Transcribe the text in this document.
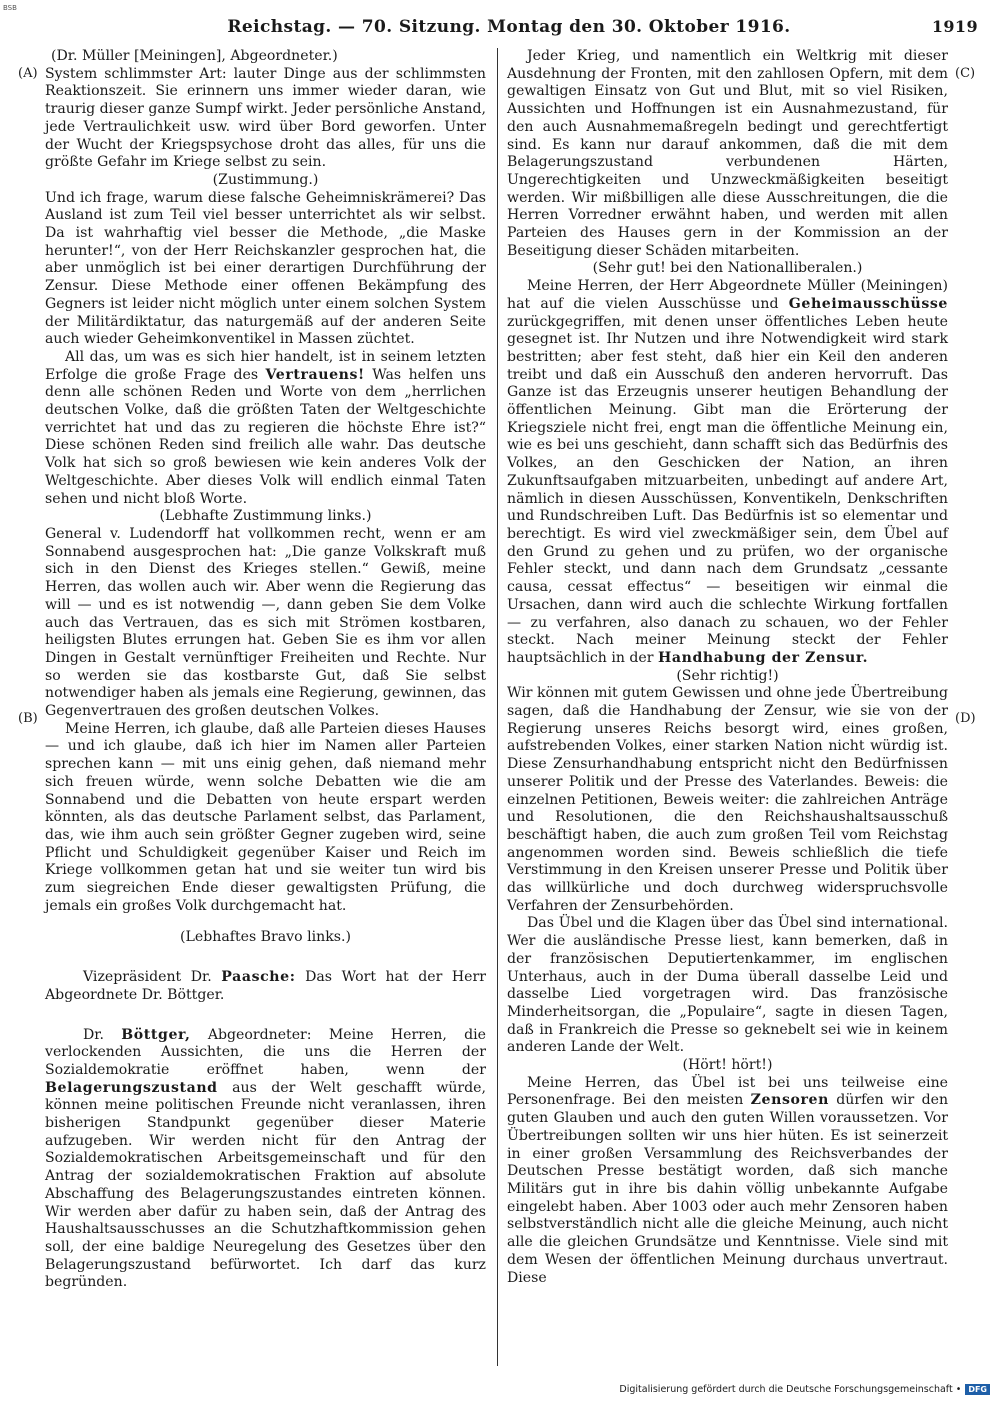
BSB
Reichstag. — 70. Sitzung. Montag den 30. Oktober 1916.	1919
(A)
(B)
(C)
(D)

(Dr. Müller [Meiningen], Abgeordneter.)

System schlimmster Art: lauter Dinge aus der schlimmsten Reaktionszeit. Sie erinnern uns immer wieder daran, wie traurig dieser ganze Sumpf wirkt. Jeder persönliche Anstand, jede Vertraulichkeit usw. wird über Bord geworfen. Unter der Wucht der Kriegspsychose droht das alles, für uns die größte Gefahr im Kriege selbst zu sein.

(Zustimmung.)

Und ich frage, warum diese falsche Geheimniskrämerei? Das Ausland ist zum Teil viel besser unterrichtet als wir selbst. Da ist wahrhaftig viel besser die Methode, „die Maske herunter!“, von der Herr Reichskanzler gesprochen hat, die aber unmöglich ist bei einer derartigen Durchführung der Zensur. Diese Methode einer offenen Bekämpfung des Gegners ist leider nicht möglich unter einem solchen System der Militärdiktatur, das naturgemäß auf der anderen Seite auch wieder Geheimkonventikel in Massen züchtet.

All das, um was es sich hier handelt, ist in seinem letzten Erfolge die große Frage des Vertrauens! Was helfen uns denn alle schönen Reden und Worte von dem „herrlichen deutschen Volke, daß die größten Taten der Weltgeschichte verrichtet hat und das zu regieren die höchste Ehre ist?“ Diese schönen Reden sind freilich alle wahr. Das deutsche Volk hat sich so groß bewiesen wie kein anderes Volk der Weltgeschichte. Aber dieses Volk will endlich einmal Taten sehen und nicht bloß Worte.

(Lebhafte Zustimmung links.)

General v. Ludendorff hat vollkommen recht, wenn er am Sonnabend ausgesprochen hat: „Die ganze Volkskraft muß sich in den Dienst des Krieges stellen.“ Gewiß, meine Herren, das wollen auch wir. Aber wenn die Regierung das will — und es ist notwendig —, dann geben Sie dem Volke auch das Vertrauen, das es sich mit Strömen kostbaren, heiligsten Blutes errungen hat. Geben Sie es ihm vor allen Dingen in Gestalt vernünftiger Freiheiten und Rechte. Nur so werden sie das kostbarste Gut, daß Sie selbst notwendiger haben als jemals eine Regierung, gewinnen, das Gegenvertrauen des großen deutschen Volkes.

Meine Herren, ich glaube, daß alle Parteien dieses Hauses — und ich glaube, daß ich hier im Namen aller Parteien sprechen kann — mit uns einig gehen, daß niemand mehr sich freuen würde, wenn solche Debatten wie die am Sonnabend und die Debatten von heute erspart werden könnten, als das deutsche Parlament selbst, das Parlament, das, wie ihm auch sein größter Gegner zugeben wird, seine Pflicht und Schuldigkeit gegenüber Kaiser und Reich im Kriege vollkommen getan hat und sie weiter tun wird bis zum siegreichen Ende dieser gewaltigsten Prüfung, die jemals ein großes Volk durchgemacht hat.

(Lebhaftes Bravo links.)

Vizepräsident Dr. Paasche: Das Wort hat der Herr Abgeordnete Dr. Böttger.

Dr. Böttger, Abgeordneter: Meine Herren, die verlockenden Aussichten, die uns die Herren der Sozialdemokratie eröffnet haben, wenn der Belagerungszustand aus der Welt geschafft würde, können meine politischen Freunde nicht veranlassen, ihren bisherigen Standpunkt gegenüber dieser Materie aufzugeben. Wir werden nicht für den Antrag der Sozialdemokratischen Arbeitsgemeinschaft und für den Antrag der sozialdemokratischen Fraktion auf absolute Abschaffung des Belagerungszustandes eintreten können. Wir werden aber dafür zu haben sein, daß der Antrag des Haushaltsausschusses an die Schutzhaftkommission gehen soll, der eine baldige Neuregelung des Gesetzes über den Belagerungszustand befürwortet. Ich darf das kurz begründen.

Jeder Krieg, und namentlich ein Weltkrig mit dieser Ausdehnung der Fronten, mit den zahllosen Opfern, mit dem gewaltigen Einsatz von Gut und Blut, mit so viel Risiken, Aussichten und Hoffnungen ist ein Ausnahmezustand, für den auch Ausnahmemaßregeln bedingt und gerechtfertigt sind. Es kann nur darauf ankommen, daß die mit dem Belagerungszustand verbundenen Härten, Ungerechtigkeiten und Unzweckmäßigkeiten beseitigt werden. Wir mißbilligen alle diese Ausschreitungen, die die Herren Vorredner erwähnt haben, und werden mit allen Parteien des Hauses gern in der Kommission an der Beseitigung dieser Schäden mitarbeiten.

(Sehr gut! bei den Nationalliberalen.)

Meine Herren, der Herr Abgeordnete Müller (Meiningen) hat auf die vielen Ausschüsse und Geheimausschüsse zurückgegriffen, mit denen unser öffentliches Leben heute gesegnet ist. Ihr Nutzen und ihre Notwendigkeit wird stark bestritten; aber fest steht, daß hier ein Keil den anderen treibt und daß ein Ausschuß den anderen hervorruft. Das Ganze ist das Erzeugnis unserer heutigen Behandlung der öffentlichen Meinung. Gibt man die Erörterung der Kriegsziele nicht frei, engt man die öffentliche Meinung ein, wie es bei uns geschieht, dann schafft sich das Bedürfnis des Volkes, an den Geschicken der Nation, an ihren Zukunftsaufgaben mitzuarbeiten, unbedingt auf andere Art, nämlich in diesen Ausschüssen, Konventikeln, Denkschriften und Rundschreiben Luft. Das Bedürfnis ist so elementar und berechtigt. Es wird viel zweckmäßiger sein, dem Übel auf den Grund zu gehen und zu prüfen, wo der organische Fehler steckt, und dann nach dem Grundsatz „cessante causa, cessat effectus“ — beseitigen wir einmal die Ursachen, dann wird auch die schlechte Wirkung fortfallen — zu verfahren, also danach zu schauen, wo der Fehler steckt. Nach meiner Meinung steckt der Fehler hauptsächlich in der Handhabung der Zensur.

(Sehr richtig!)

Wir können mit gutem Gewissen und ohne jede Übertreibung sagen, daß die Handhabung der Zensur, wie sie von der Regierung unseres Reichs besorgt wird, eines großen, aufstrebenden Volkes, einer starken Nation nicht würdig ist. Diese Zensurhandhabung entspricht nicht den Bedürfnissen unserer Politik und der Presse des Vaterlandes. Beweis: die einzelnen Petitionen, Beweis weiter: die zahlreichen Anträge und Resolutionen, die den Reichshaushaltsausschuß beschäftigt haben, die auch zum großen Teil vom Reichstag angenommen worden sind. Beweis schließlich die tiefe Verstimmung in den Kreisen unserer Presse und Politik über das willkürliche und doch durchweg widerspruchsvolle Verfahren der Zensurbehörden.

Das Übel und die Klagen über das Übel sind international. Wer die ausländische Presse liest, kann bemerken, daß in der französischen Deputiertenkammer, im englischen Unterhaus, auch in der Duma überall dasselbe Leid und dasselbe Lied vorgetragen wird. Das französische Minderheitsorgan, die „Populaire“, sagte in diesen Tagen, daß in Frankreich die Presse so geknebelt sei wie in keinem anderen Lande der Welt.

(Hört! hört!)

Meine Herren, das Übel ist bei uns teilweise eine Personenfrage. Bei den meisten Zensoren dürfen wir den guten Glauben und auch den guten Willen voraussetzen. Vor Übertreibungen sollten wir uns hier hüten. Es ist seinerzeit in einer großen Versammlung des Reichsverbandes der Deutschen Presse bestätigt worden, daß sich manche Militärs gut in ihre bis dahin völlig unbekannte Aufgabe eingelebt haben. Aber 1003 oder auch mehr Zensoren haben selbstverständlich nicht alle die gleiche Meinung, auch nicht alle die gleichen Grundsätze und Kenntnisse. Viele sind mit dem Wesen der öffentlichen Meinung durchaus unvertraut. Diese

Digitalisierung gefördert durch die Deutsche Forschungsgemeinschaft • DFG
